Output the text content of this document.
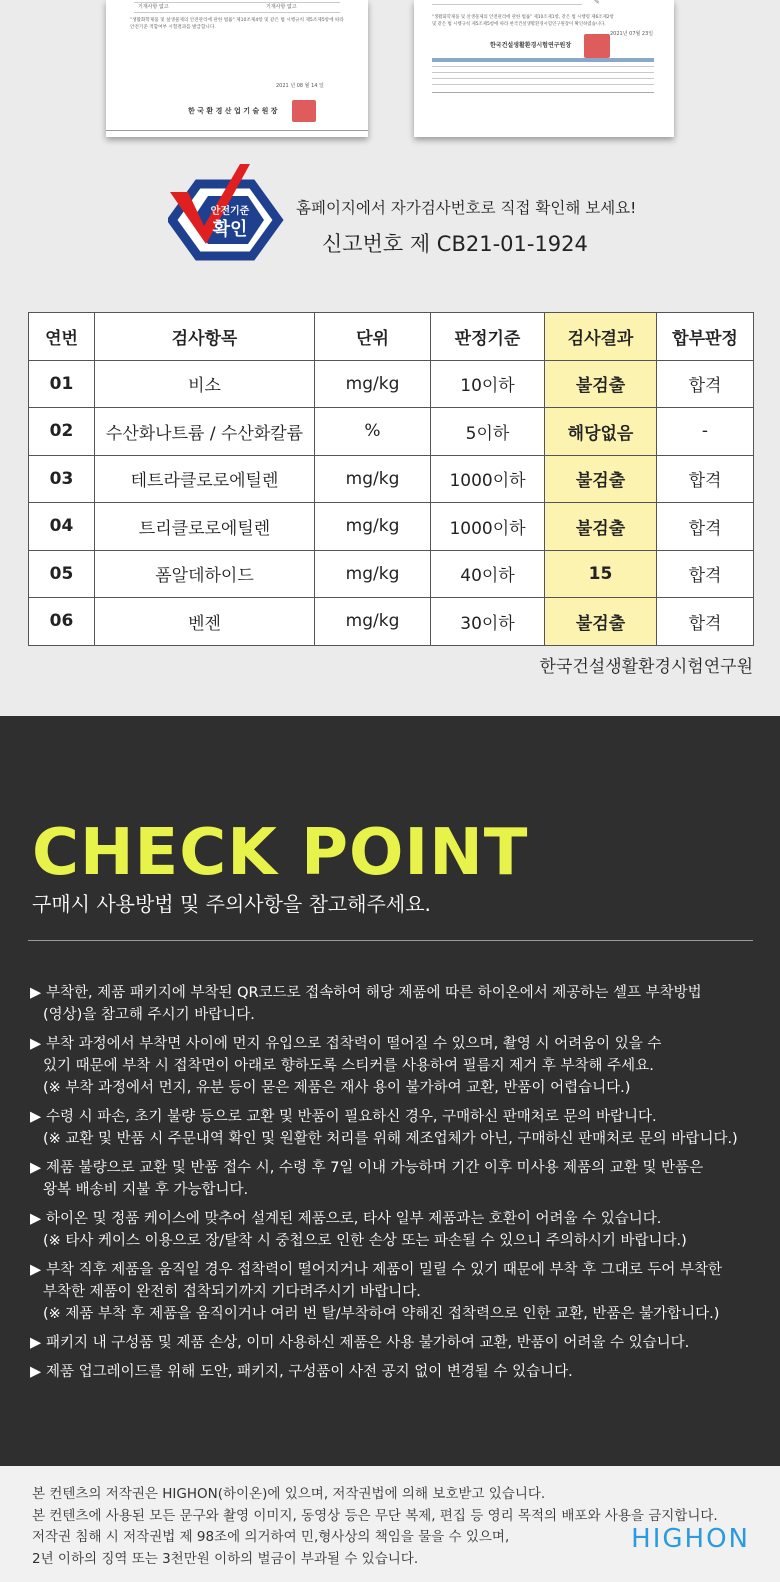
기재사항 없고	기재사항 없고
"생활화학제품 및 살생물제의 안전관리에 관한 법률" 제10조제4항 및 같은 법 시행규칙 제5조제5항에 따라
안전기준 적합여부 시험결과를 발급합니다.
2021 년 08 월 14 일
한 국 환 경 산 업 기 술 원 장
✎
"생활화학제품 및 살생물제의 안전관리에 관한 법률" 제10조제1항, 같은 법 시행령 제6조제2항
및 같은 법 시행규칙 제5조제5항에 따라 한국건설생활환경시험연구원장이 확인하였습니다.
2021년 07월 23일
한국건설생활환경시험연구원장
안전기준
확인
홈페이지에서 자가검사번호로 직접 확인해 보세요!
신고번호 제 CB21-01-1924
연번	검사항목	단위	판정기준	검사결과	합부판정
01	비소	mg/kg	10이하	불검출	합격
02	수산화나트륨 / 수산화칼륨	%	5이하	해당없음	-
03	테트라클로로에틸렌	mg/kg	1000이하	불검출	합격
04	트리클로로에틸렌	mg/kg	1000이하	불검출	합격
05	폼알데하이드	mg/kg	40이하	15	합격
06	벤젠	mg/kg	30이하	불검출	합격
한국건설생활환경시험연구원
CHECK POINT
구매시 사용방법 및 주의사항을 참고해주세요.
▶ 부착한, 제품 패키지에 부착된 QR코드로 접속하여 해당 제품에 따른 하이온에서 제공하는 셀프 부착방법
(영상)을 참고해 주시기 바랍니다.
▶ 부착 과정에서 부착면 사이에 먼지 유입으로 접착력이 떨어질 수 있으며, 촬영 시 어려움이 있을 수
있기 때문에 부착 시 접착면이 아래로 향하도록 스티커를 사용하여 필름지 제거 후 부착해 주세요.
(※ 부착 과정에서 먼지, 유분 등이 묻은 제품은 재사 용이 불가하여 교환, 반품이 어렵습니다.)
▶ 수령 시 파손, 초기 불량 등으로 교환 및 반품이 필요하신 경우, 구매하신 판매처로 문의 바랍니다.
(※ 교환 및 반품 시 주문내역 확인 및 원활한 처리를 위해 제조업체가 아닌, 구매하신 판매처로 문의 바랍니다.)
▶ 제품 불량으로 교환 및 반품 접수 시, 수령 후 7일 이내 가능하며 기간 이후 미사용 제품의 교환 및 반품은
왕복 배송비 지불 후 가능합니다.
▶ 하이온 및 정품 케이스에 맞추어 설계된 제품으로, 타사 일부 제품과는 호환이 어려울 수 있습니다.
(※ 타사 케이스 이용으로 장/탈착 시 중첩으로 인한 손상 또는 파손될 수 있으니 주의하시기 바랍니다.)
▶ 부착 직후 제품을 움직일 경우 접착력이 떨어지거나 제품이 밀릴 수 있기 때문에 부착 후 그대로 두어 부착한
부착한 제품이 완전히 접착되기까지 기다려주시기 바랍니다.
(※ 제품 부착 후 제품을 움직이거나 여러 번 탈/부착하여 약해진 접착력으로 인한 교환, 반품은 불가합니다.)
▶ 패키지 내 구성품 및 제품 손상, 이미 사용하신 제품은 사용 불가하여 교환, 반품이 어려울 수 있습니다.
▶ 제품 업그레이드를 위해 도안, 패키지, 구성품이 사전 공지 없이 변경될 수 있습니다.
본 컨텐츠의 저작권은 HIGHON(하이온)에 있으며, 저작권법에 의해 보호받고 있습니다.
본 컨텐츠에 사용된 모든 문구와 촬영 이미지, 동영상 등은 무단 복제, 편집 등 영리 목적의 배포와 사용을 금지합니다.
저작권 침해 시 저작권법 제 98조에 의거하여 민,형사상의 책임을 물을 수 있으며,
2년 이하의 징역 또는 3천만원 이하의 벌금이 부과될 수 있습니다.
HIGHON
